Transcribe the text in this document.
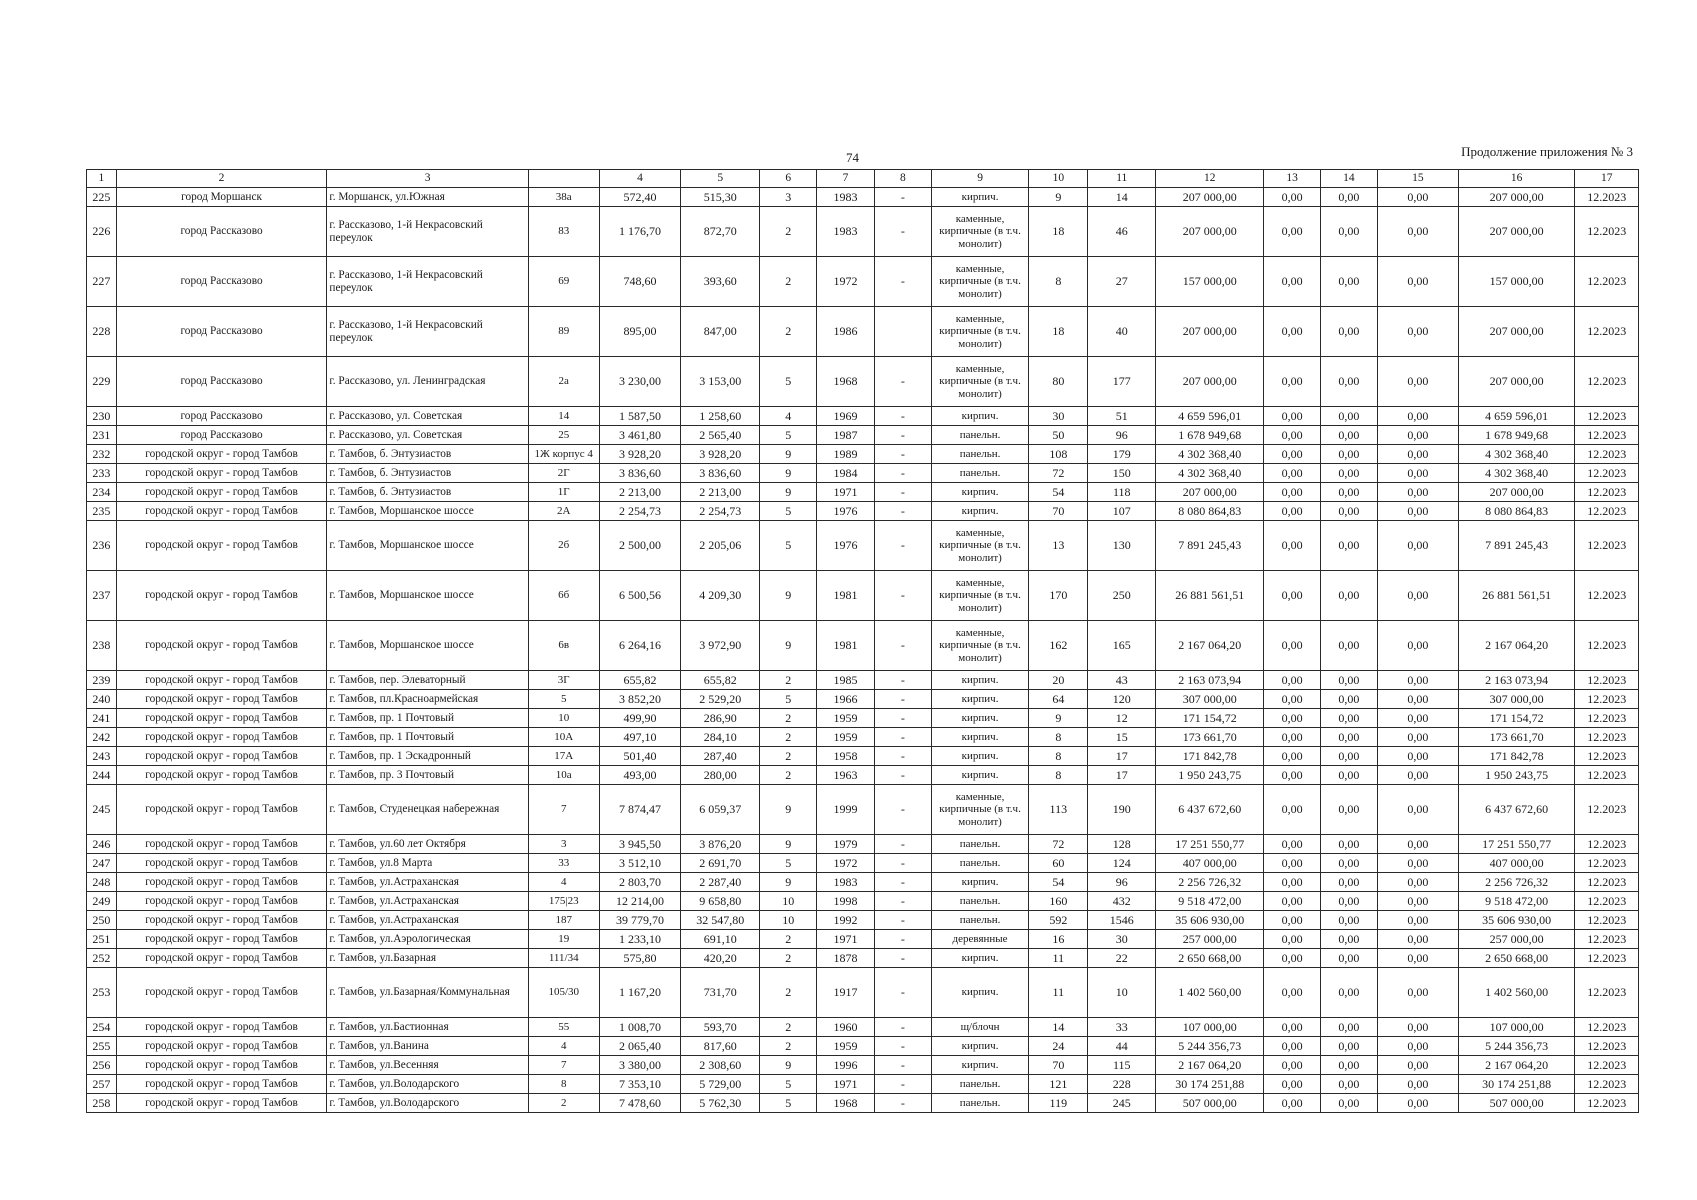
74	Продолжение приложения № 3
1	2	3		4	5	6	7	8	9	10	11	12	13	14	15	16	17
225	город Моршанск	г. Моршанск, ул.Южная	38а	572,40	515,30	3	1983	-	кирпич.	9	14	207 000,00	0,00	0,00	0,00	207 000,00	12.2023
226	город Рассказово	г. Рассказово, 1-й Некрасовский переулок	83	1 176,70	872,70	2	1983	-	каменные, кирпичные (в т.ч. монолит)	18	46	207 000,00	0,00	0,00	0,00	207 000,00	12.2023
227	город Рассказово	г. Рассказово, 1-й Некрасовский переулок	69	748,60	393,60	2	1972	-	каменные, кирпичные (в т.ч. монолит)	8	27	157 000,00	0,00	0,00	0,00	157 000,00	12.2023
228	город Рассказово	г. Рассказово, 1-й Некрасовский переулок	89	895,00	847,00	2	1986		каменные, кирпичные (в т.ч. монолит)	18	40	207 000,00	0,00	0,00	0,00	207 000,00	12.2023
229	город Рассказово	г. Рассказово, ул. Ленинградская	2а	3 230,00	3 153,00	5	1968	-	каменные, кирпичные (в т.ч. монолит)	80	177	207 000,00	0,00	0,00	0,00	207 000,00	12.2023
230	город Рассказово	г. Рассказово, ул. Советская	14	1 587,50	1 258,60	4	1969	-	кирпич.	30	51	4 659 596,01	0,00	0,00	0,00	4 659 596,01	12.2023
231	город Рассказово	г. Рассказово, ул. Советская	25	3 461,80	2 565,40	5	1987	-	панельн.	50	96	1 678 949,68	0,00	0,00	0,00	1 678 949,68	12.2023
232	городской округ - город Тамбов	г. Тамбов, б. Энтузиастов	1Ж корпус 4	3 928,20	3 928,20	9	1989	-	панельн.	108	179	4 302 368,40	0,00	0,00	0,00	4 302 368,40	12.2023
233	городской округ - город Тамбов	г. Тамбов, б. Энтузиастов	2Г	3 836,60	3 836,60	9	1984	-	панельн.	72	150	4 302 368,40	0,00	0,00	0,00	4 302 368,40	12.2023
234	городской округ - город Тамбов	г. Тамбов, б. Энтузиастов	1Г	2 213,00	2 213,00	9	1971	-	кирпич.	54	118	207 000,00	0,00	0,00	0,00	207 000,00	12.2023
235	городской округ - город Тамбов	г. Тамбов, Моршанское шоссе	2А	2 254,73	2 254,73	5	1976	-	кирпич.	70	107	8 080 864,83	0,00	0,00	0,00	8 080 864,83	12.2023
236	городской округ - город Тамбов	г. Тамбов, Моршанское шоссе	2б	2 500,00	2 205,06	5	1976	-	каменные, кирпичные (в т.ч. монолит)	13	130	7 891 245,43	0,00	0,00	0,00	7 891 245,43	12.2023
237	городской округ - город Тамбов	г. Тамбов, Моршанское шоссе	6б	6 500,56	4 209,30	9	1981	-	каменные, кирпичные (в т.ч. монолит)	170	250	26 881 561,51	0,00	0,00	0,00	26 881 561,51	12.2023
238	городской округ - город Тамбов	г. Тамбов, Моршанское шоссе	6в	6 264,16	3 972,90	9	1981	-	каменные, кирпичные (в т.ч. монолит)	162	165	2 167 064,20	0,00	0,00	0,00	2 167 064,20	12.2023
239	городской округ - город Тамбов	г. Тамбов, пер. Элеваторный	3Г	655,82	655,82	2	1985	-	кирпич.	20	43	2 163 073,94	0,00	0,00	0,00	2 163 073,94	12.2023
240	городской округ - город Тамбов	г. Тамбов, пл.Красноармейская	5	3 852,20	2 529,20	5	1966	-	кирпич.	64	120	307 000,00	0,00	0,00	0,00	307 000,00	12.2023
241	городской округ - город Тамбов	г. Тамбов, пр. 1 Почтовый	10	499,90	286,90	2	1959	-	кирпич.	9	12	171 154,72	0,00	0,00	0,00	171 154,72	12.2023
242	городской округ - город Тамбов	г. Тамбов, пр. 1 Почтовый	10А	497,10	284,10	2	1959	-	кирпич.	8	15	173 661,70	0,00	0,00	0,00	173 661,70	12.2023
243	городской округ - город Тамбов	г. Тамбов, пр. 1 Эскадронный	17А	501,40	287,40	2	1958	-	кирпич.	8	17	171 842,78	0,00	0,00	0,00	171 842,78	12.2023
244	городской округ - город Тамбов	г. Тамбов, пр. 3 Почтовый	10а	493,00	280,00	2	1963	-	кирпич.	8	17	1 950 243,75	0,00	0,00	0,00	1 950 243,75	12.2023
245	городской округ - город Тамбов	г. Тамбов, Студенецкая набережная	7	7 874,47	6 059,37	9	1999	-	каменные, кирпичные (в т.ч. монолит)	113	190	6 437 672,60	0,00	0,00	0,00	6 437 672,60	12.2023
246	городской округ - город Тамбов	г. Тамбов, ул.60 лет Октября	3	3 945,50	3 876,20	9	1979	-	панельн.	72	128	17 251 550,77	0,00	0,00	0,00	17 251 550,77	12.2023
247	городской округ - город Тамбов	г. Тамбов, ул.8 Марта	33	3 512,10	2 691,70	5	1972	-	панельн.	60	124	407 000,00	0,00	0,00	0,00	407 000,00	12.2023
248	городской округ - город Тамбов	г. Тамбов, ул.Астраханская	4	2 803,70	2 287,40	9	1983	-	кирпич.	54	96	2 256 726,32	0,00	0,00	0,00	2 256 726,32	12.2023
249	городской округ - город Тамбов	г. Тамбов, ул.Астраханская	175|23	12 214,00	9 658,80	10	1998	-	панельн.	160	432	9 518 472,00	0,00	0,00	0,00	9 518 472,00	12.2023
250	городской округ - город Тамбов	г. Тамбов, ул.Астраханская	187	39 779,70	32 547,80	10	1992	-	панельн.	592	1546	35 606 930,00	0,00	0,00	0,00	35 606 930,00	12.2023
251	городской округ - город Тамбов	г. Тамбов, ул.Аэрологическая	19	1 233,10	691,10	2	1971	-	деревянные	16	30	257 000,00	0,00	0,00	0,00	257 000,00	12.2023
252	городской округ - город Тамбов	г. Тамбов, ул.Базарная	111/34	575,80	420,20	2	1878	-	кирпич.	11	22	2 650 668,00	0,00	0,00	0,00	2 650 668,00	12.2023
253	городской округ - город Тамбов	г. Тамбов, ул.Базарная/Коммунальная	105/30	1 167,20	731,70	2	1917	-	кирпич.	11	10	1 402 560,00	0,00	0,00	0,00	1 402 560,00	12.2023
254	городской округ - город Тамбов	г. Тамбов, ул.Бастионная	55	1 008,70	593,70	2	1960	-	щ/блочн	14	33	107 000,00	0,00	0,00	0,00	107 000,00	12.2023
255	городской округ - город Тамбов	г. Тамбов, ул.Ванина	4	2 065,40	817,60	2	1959	-	кирпич.	24	44	5 244 356,73	0,00	0,00	0,00	5 244 356,73	12.2023
256	городской округ - город Тамбов	г. Тамбов, ул.Весенняя	7	3 380,00	2 308,60	9	1996	-	кирпич.	70	115	2 167 064,20	0,00	0,00	0,00	2 167 064,20	12.2023
257	городской округ - город Тамбов	г. Тамбов, ул.Володарского	8	7 353,10	5 729,00	5	1971	-	панельн.	121	228	30 174 251,88	0,00	0,00	0,00	30 174 251,88	12.2023
258	городской округ - город Тамбов	г. Тамбов, ул.Володарского	2	7 478,60	5 762,30	5	1968	-	панельн.	119	245	507 000,00	0,00	0,00	0,00	507 000,00	12.2023
